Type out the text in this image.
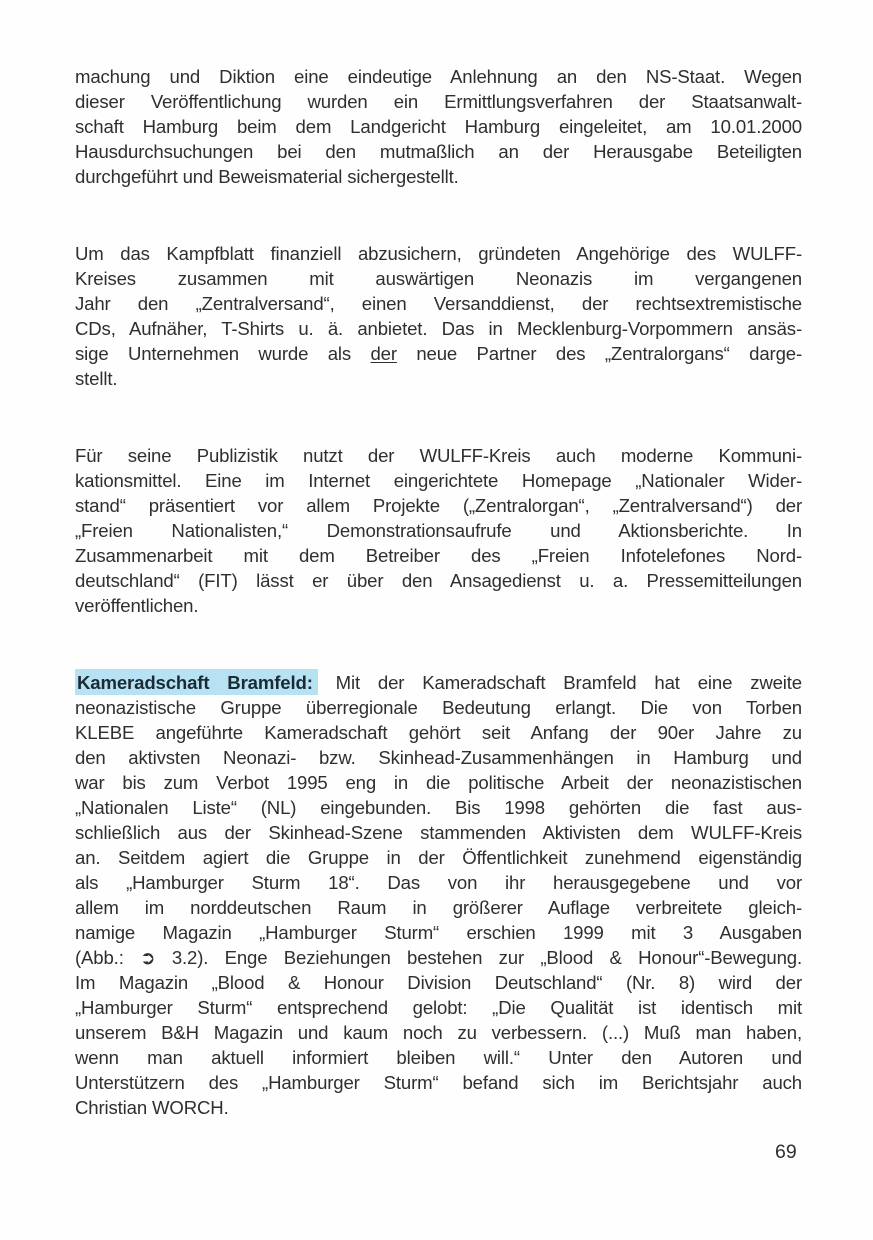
machung und Diktion eine eindeutige Anlehnung an den NS-Staat. Wegen
dieser Veröffentlichung wurden ein Ermittlungsverfahren der Staatsanwalt-
schaft Hamburg beim dem Landgericht Hamburg eingeleitet, am 10.01.2000
Hausdurchsuchungen bei den mutmaßlich an der Herausgabe Beteiligten
durchgeführt und Beweismaterial sichergestellt.
Um das Kampfblatt finanziell abzusichern, gründeten Angehörige des WULFF-
Kreises zusammen mit auswärtigen Neonazis im vergangenen
Jahr den „Zentralversand“, einen Versanddienst, der rechtsextremistische
CDs, Aufnäher, T-Shirts u. ä. anbietet. Das in Mecklenburg-Vorpommern ansäs-
sige Unternehmen wurde als der neue Partner des „Zentralorgans“ darge-
stellt.
Für seine Publizistik nutzt der WULFF-Kreis auch moderne Kommuni-
kationsmittel. Eine im Internet eingerichtete Homepage „Nationaler Wider-
stand“ präsentiert vor allem Projekte („Zentralorgan“, „Zentralversand“) der
„Freien Nationalisten,“ Demonstrationsaufrufe und Aktionsberichte. In
Zusammenarbeit mit dem Betreiber des „Freien Infotelefones Nord-
deutschland“ (FIT) lässt er über den Ansagedienst u. a. Pressemitteilungen
veröffentlichen.
Kameradschaft Bramfeld: Mit der Kameradschaft Bramfeld hat eine zweite
neonazistische Gruppe überregionale Bedeutung erlangt. Die von Torben
KLEBE angeführte Kameradschaft gehört seit Anfang der 90er Jahre zu
den aktivsten Neonazi- bzw. Skinhead-Zusammenhängen in Hamburg und
war bis zum Verbot 1995 eng in die politische Arbeit der neonazistischen
„Nationalen Liste“ (NL) eingebunden. Bis 1998 gehörten die fast aus-
schließlich aus der Skinhead-Szene stammenden Aktivisten dem WULFF-Kreis
an. Seitdem agiert die Gruppe in der Öffentlichkeit zunehmend eigenständig
als „Hamburger Sturm 18“. Das von ihr herausgegebene und vor
allem im norddeutschen Raum in größerer Auflage verbreitete gleich-
namige Magazin „Hamburger Sturm“ erschien 1999 mit 3 Ausgaben
(Abb.: ➲ 3.2). Enge Beziehungen bestehen zur „Blood & Honour“-Bewegung.
Im Magazin „Blood & Honour Division Deutschland“ (Nr. 8) wird der
„Hamburger Sturm“ entsprechend gelobt: „Die Qualität ist identisch mit
unserem B&H Magazin und kaum noch zu verbessern. (...) Muß man haben,
wenn man aktuell informiert bleiben will.“ Unter den Autoren und
Unterstützern des „Hamburger Sturm“ befand sich im Berichtsjahr auch
Christian WORCH.
69
